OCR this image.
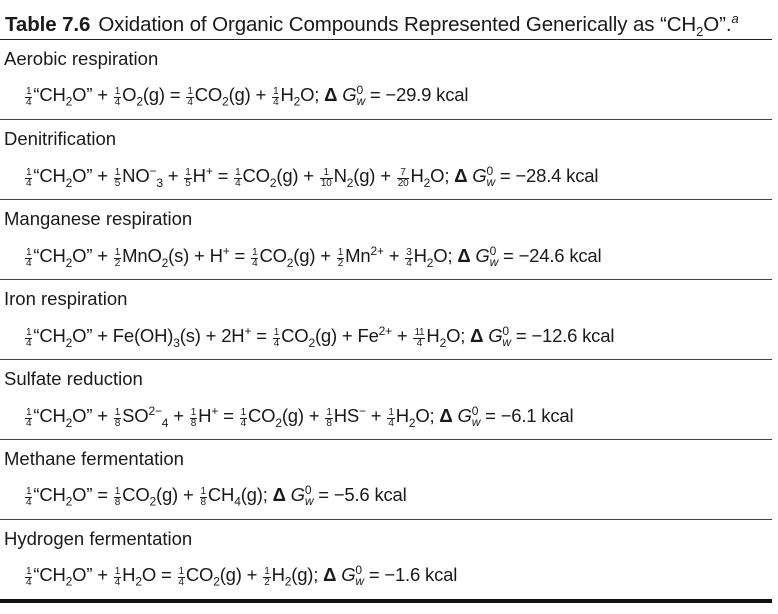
Table 7.6 Oxidation of Organic Compounds Represented Generically as “$CH_2O”.^a$
Aerobic respiration
$\frac{1}{4}$ “$CH_2O$” + $\frac{1}{4} O_2(g) = \frac{1}{4} CO_2(g) + \frac{1}{4} H_2O$; Δ G 0
w = −29.9 kcal
Denitrification
$\frac{1}{4}$ “$CH_2O$” + $\frac{1}{5} NO^-_3 + \frac{1}{5} H^+ = \frac{1}{4} CO_2(g) + \frac{1}{10} N_2(g) + \frac{7}{20} H_2O$; Δ G 0
w = −28.4 kcal
Manganese respiration
$\frac{1}{4}$ “$CH_2O$” + $\frac{1}{2} MnO_2(s) + H^+ = \frac{1}{4} CO_2(g) + \frac{1}{2} Mn^{2+} + \frac{3}{4} H_2O$; Δ G 0
w = −24.6 kcal
Iron respiration
$\frac{1}{4}$ “$CH_2O$” + $Fe(OH)_3(s) + 2H^+ = \frac{1}{4} CO_2(g) + Fe^{2+} + \frac{11}{4} H_2O$; Δ G 0
w = −12.6 kcal
Sulfate reduction
$\frac{1}{4}$ “$CH_2O$” + $\frac{1}{8} SO^{2-}_4 + \frac{1}{8} H^+ = \frac{1}{4} CO_2(g) + \frac{1}{8} HS^- + \frac{1}{4} H_2O$; Δ G 0
w = −6.1 kcal
Methane fermentation
$\frac{1}{4}$ “$CH_2O$” = $\frac{1}{8} CO_2(g) + \frac{1}{8} CH_4(g)$; Δ G 0
w = −5.6 kcal
Hydrogen fermentation
$\frac{1}{4}$ “$CH_2O$” + $\frac{1}{4} H_2O = \frac{1}{4} CO_2(g) + \frac{1}{2} H_2(g)$; Δ G 0
w = −1.6 kcal
